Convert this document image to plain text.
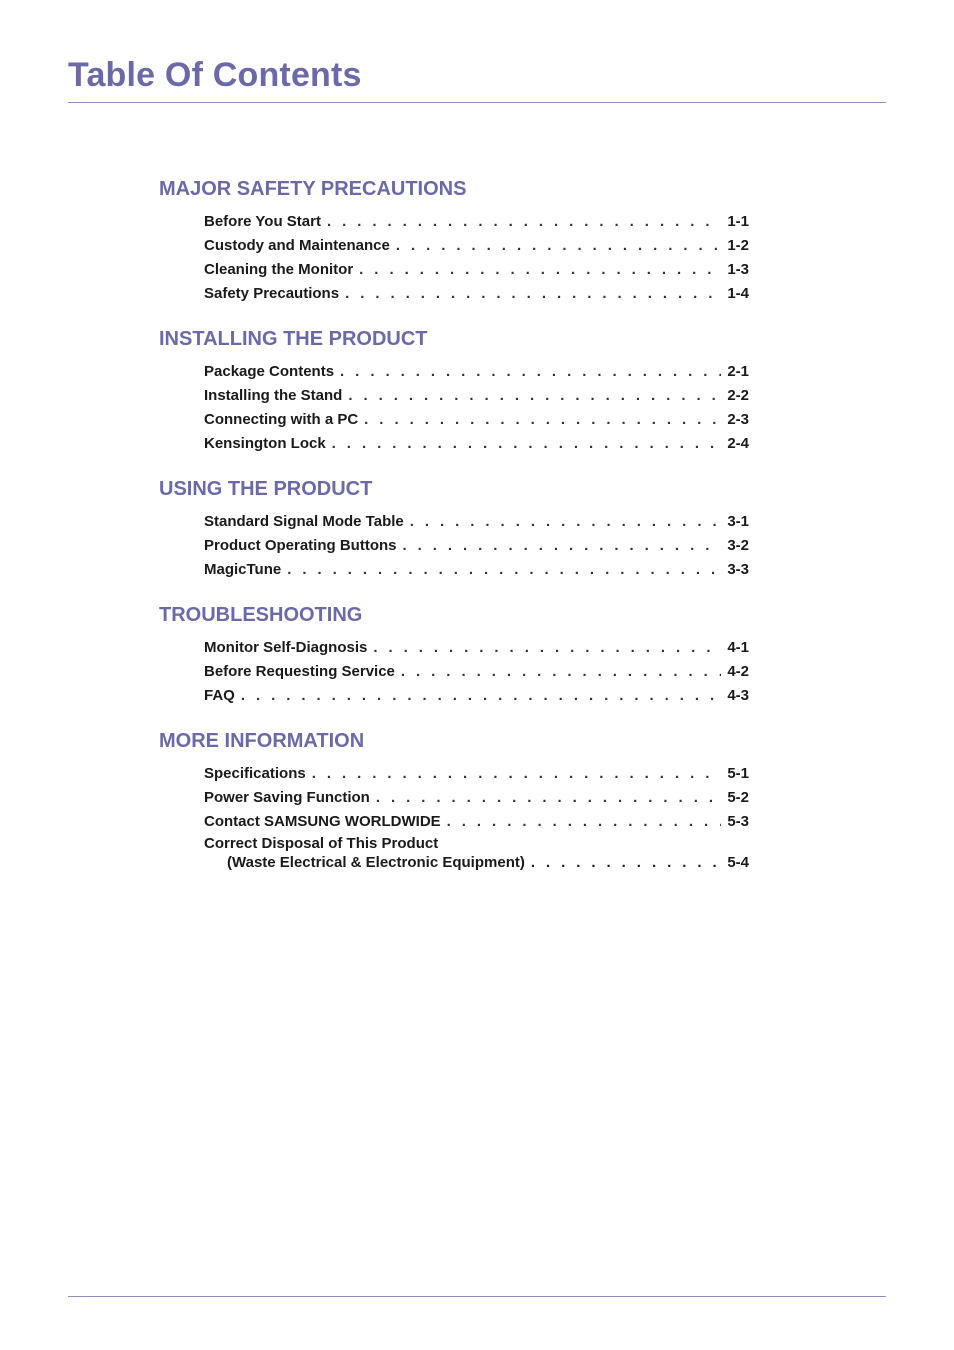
Table Of Contents
MAJOR SAFETY PRECAUTIONS
Before You Start . . .	1-1
Custody and Maintenance . . .	1-2
Cleaning the Monitor . . .	1-3
Safety Precautions . . .	1-4
INSTALLING THE PRODUCT
Package Contents . . .	2-1
Installing the Stand . . .	2-2
Connecting with a PC . . .	2-3
Kensington Lock . . .	2-4
USING THE PRODUCT
Standard Signal Mode Table . . .	3-1
Product Operating Buttons . . .	3-2
MagicTune . . .	3-3
TROUBLESHOOTING
Monitor Self-Diagnosis . . .	4-1
Before Requesting Service . . .	4-2
FAQ . . .	4-3
MORE INFORMATION
Specifications . . .	5-1
Power Saving Function . . .	5-2
Contact SAMSUNG WORLDWIDE . . .	5-3
Correct Disposal of This Product
(Waste Electrical & Electronic Equipment) . . .	5-4
